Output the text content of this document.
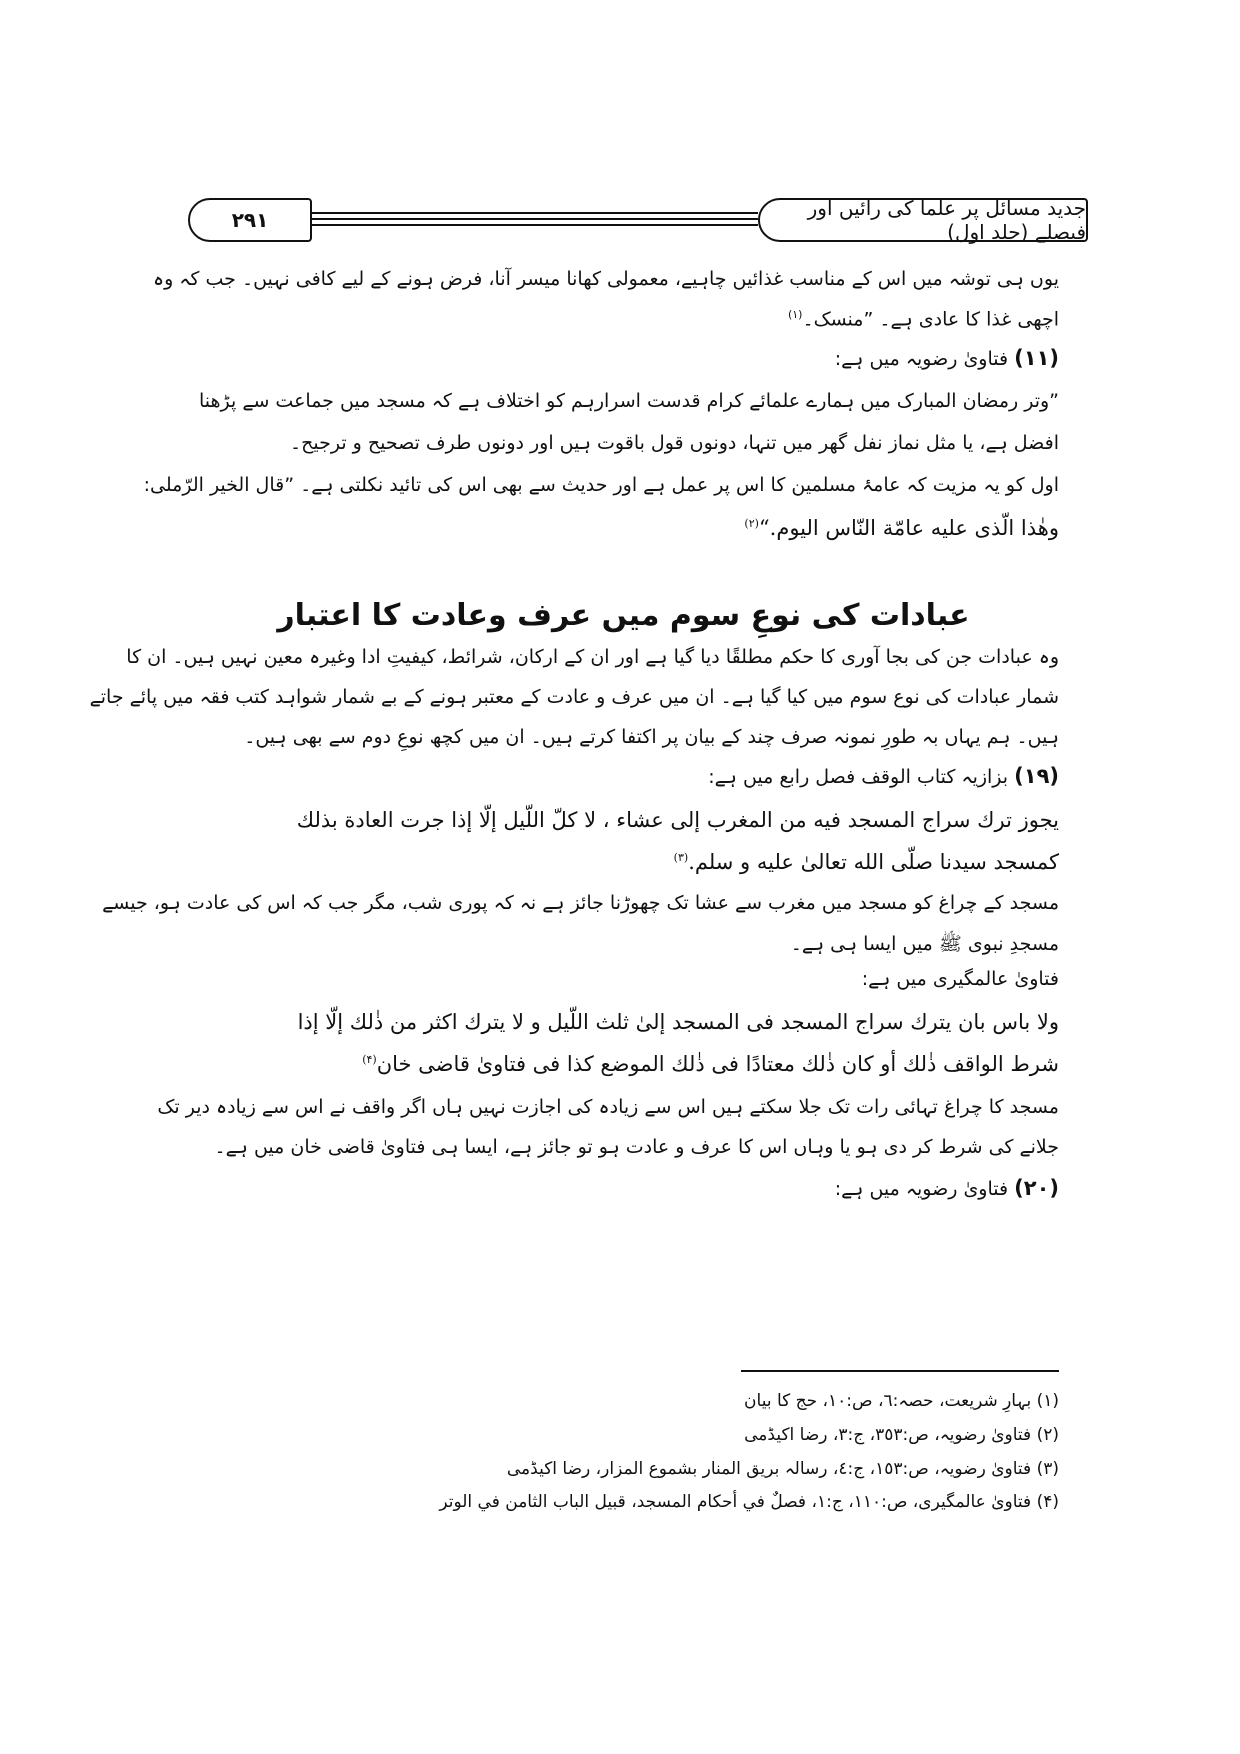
جدید مسائل پر علما کی رائیں اور فیصلے (جلد اول)
۲۹۱
یوں ہی توشہ میں اس کے مناسب غذائیں چاہیے، معمولی کھانا میسر آنا، فرض ہونے کے لیے کافی نہیں۔ جب کہ وہ
اچھی غذا کا عادی ہے۔ ”منسک۔$^{(۱)}$
(۱۱) فتاویٰ رضویہ میں ہے:
”وتر رمضان المبارک میں ہمارے علمائے کرام قدست اسرارہم کو اختلاف ہے کہ مسجد میں جماعت سے پڑھنا
افضل ہے، یا مثل نماز نفل گھر میں تنہا، دونوں قول باقوت ہیں اور دونوں طرف تصحیح و ترجیح۔
اول کو یہ مزیت کہ عامۂ مسلمین کا اس پر عمل ہے اور حدیث سے بھی اس کی تائید نکلتی ہے۔ ”قال الخیر الرّملی:
وھٰذا الّذی علیه عامّة النّاس الیوم.“$^{(۲)}$
عبادات کی نوعِ سوم میں عرف وعادت کا اعتبار
وہ عبادات جن کی بجا آوری کا حکم مطلقًا دیا گیا ہے اور ان کے ارکان، شرائط، کیفیتِ ادا وغیرہ معین نہیں ہیں۔ ان کا
شمار عبادات کی نوع سوم میں کیا گیا ہے۔ ان میں عرف و عادت کے معتبر ہونے کے بے شمار شواہد کتب فقہ میں پائے جاتے
ہیں۔ ہم یہاں بہ طورِ نمونہ صرف چند کے بیان پر اکتفا کرتے ہیں۔ ان میں کچھ نوعِ دوم سے بھی ہیں۔
(۱۹) بزازیہ کتاب الوقف فصل رابع میں ہے:
یجوز ترك سراج المسجد فیه من المغرب إلی عشاء ، لا کلّ اللّیل إلّا إذا جرت العادة بذلك
کمسجد سیدنا صلّی الله تعالیٰ علیه و سلم.$^{(۳)}$
مسجد کے چراغ کو مسجد میں مغرب سے عشا تک چھوڑنا جائز ہے نہ کہ پوری شب، مگر جب کہ اس کی عادت ہو، جیسے
مسجدِ نبوی ﷺ میں ایسا ہی ہے۔
فتاویٰ عالمگیری میں ہے:
ولا باس بان یترك سراج المسجد فی المسجد إلیٰ ثلث اللّیل و لا یترك اکثر من ذٰلك إلّا إذا
شرط الواقف ذٰلك أو کان ذٰلك معتادًا فی ذٰلك الموضع کذا فی فتاویٰ قاضی خان$^{(۴)}$
مسجد کا چراغ تہائی رات تک جلا سکتے ہیں اس سے زیادہ کی اجازت نہیں ہاں اگر واقف نے اس سے زیادہ دیر تک
جلانے کی شرط کر دی ہو یا وہاں اس کا عرف و عادت ہو تو جائز ہے، ایسا ہی فتاویٰ قاضی خان میں ہے۔
(۲۰) فتاویٰ رضویہ میں ہے:
(۱) بہارِ شریعت، حصہ:٦، ص:١٠، حج کا بیان
(۲) فتاویٰ رضویہ، ص:٣٥٣، ج:٣، رضا اکیڈمی
(۳) فتاویٰ رضویہ، ص:١٥٣، ج:٤، رسالہ بریق المنار بشموع المزار، رضا اکیڈمی
(۴) فتاویٰ عالمگیری، ص:١١٠، ج:١، فصلٌ في أحكام المسجد، قبيل الباب الثامن في الوتر
